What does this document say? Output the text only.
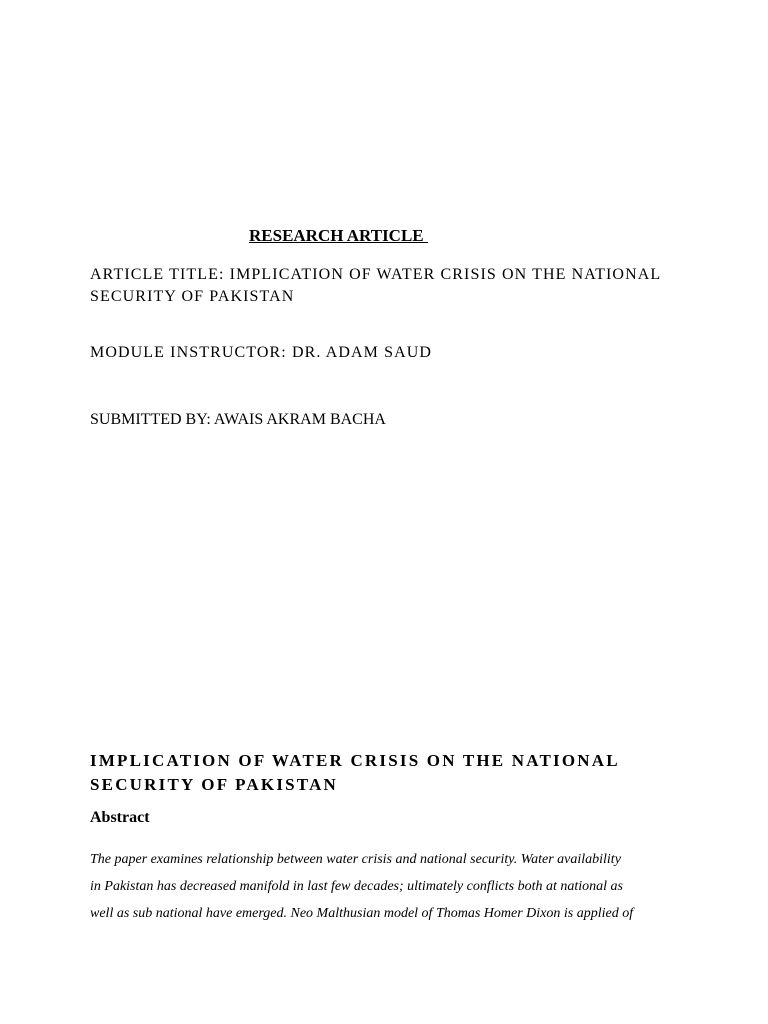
RESEARCH ARTICLE
ARTICLE TITLE: IMPLICATION OF WATER CRISIS ON THE NATIONAL SECURITY OF PAKISTAN
MODULE INSTRUCTOR: DR. ADAM SAUD
SUBMITTED BY: AWAIS AKRAM BACHA
IMPLICATION OF WATER CRISIS ON THE NATIONAL SECURITY OF PAKISTAN
Abstract
The paper examines relationship between water crisis and national security. Water availability
in Pakistan has decreased manifold in last few decades; ultimately conflicts both at national as
well as sub national have emerged. Neo Malthusian model of Thomas Homer Dixon is applied of
